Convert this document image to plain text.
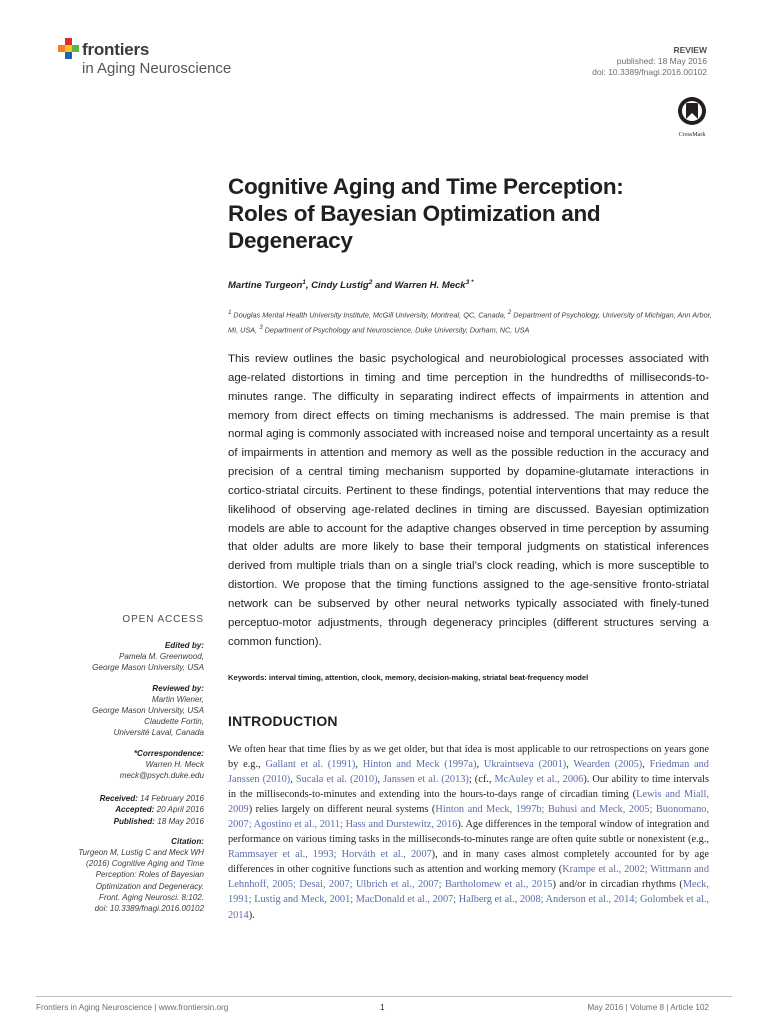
frontiers
in Aging Neuroscience
REVIEW
published: 18 May 2016
doi: 10.3389/fnagi.2016.00102
CrossMark
Cognitive Aging and Time Perception: Roles of Bayesian Optimization and Degeneracy
Martine Turgeon$^1$, Cindy Lustig$^2$ and Warren H. Meck$^{3 *}$
$^1$ Douglas Mental Health University Institute, McGill University, Montreal, QC, Canada, $^2$ Department of Psychology, University of Michigan, Ann Arbor, MI, USA, $^3$ Department of Psychology and Neuroscience, Duke University, Durham, NC, USA
This review outlines the basic psychological and neurobiological processes associated with age-related distortions in timing and time perception in the hundredths of milliseconds-to-minutes range. The difficulty in separating indirect effects of impairments in attention and memory from direct effects on timing mechanisms is addressed. The main premise is that normal aging is commonly associated with increased noise and temporal uncertainty as a result of impairments in attention and memory as well as the possible reduction in the accuracy and precision of a central timing mechanism supported by dopamine-glutamate interactions in cortico-striatal circuits. Pertinent to these findings, potential interventions that may reduce the likelihood of observing age-related declines in timing are discussed. Bayesian optimization models are able to account for the adaptive changes observed in time perception by assuming that older adults are more likely to base their temporal judgments on statistical inferences derived from multiple trials than on a single trial’s clock reading, which is more susceptible to distortion. We propose that the timing functions assigned to the age-sensitive fronto-striatal network can be subserved by other neural networks typically associated with finely-tuned perceptuo-motor adjustments, through degeneracy principles (different structures serving a common function).
Keywords: interval timing, attention, clock, memory, decision-making, striatal beat-frequency model
INTRODUCTION
We often hear that time flies by as we get older, but that idea is most applicable to our retrospections on years gone by e.g., Gallant et al. (1991), Hinton and Meck (1997a), Ukraintseva (2001), Wearden (2005), Friedman and Janssen (2010), Sucala et al. (2010), Janssen et al. (2013); (cf., McAuley et al., 2006). Our ability to time intervals in the milliseconds-to-minutes and extending into the hours-to-days range of circadian timing (Lewis and Miall, 2009) relies largely on different neural systems (Hinton and Meck, 1997b; Buhusi and Meck, 2005; Buonomano, 2007; Agostino et al., 2011; Hass and Durstewitz, 2016). Age differences in the temporal window of integration and performance on various timing tasks in the milliseconds-to-minutes range are often quite subtle or nonexistent (e.g., Rammsayer et al., 1993; Horváth et al., 2007), and in many cases almost completely accounted for by age differences in other cognitive functions such as attention and working memory (Krampe et al., 2002; Wittmann and Lehnhoff, 2005; Desai, 2007; Ulbrich et al., 2007; Bartholomew et al., 2015) and/or in circadian rhythms (Meck, 1991; Lustig and Meck, 2001; MacDonald et al., 2007; Halberg et al., 2008; Anderson et al., 2014; Golombek et al., 2014).
OPEN ACCESS
Edited by:
Pamela M. Greenwood,
George Mason University, USA
Reviewed by:
Martin Wiener,
George Mason University, USA
Claudette Fortin,
Université Laval, Canada
*Correspondence:
Warren H. Meck
meck@psych.duke.edu
Received: 14 February 2016
Accepted: 20 April 2016
Published: 18 May 2016
Citation:
Turgeon M, Lustig C and Meck WH
(2016) Cognitive Aging and Time
Perception: Roles of Bayesian
Optimization and Degeneracy.
Front. Aging Neurosci. 8:102.
doi: 10.3389/fnagi.2016.00102
Frontiers in Aging Neuroscience | www.frontiersin.org	1	May 2016 | Volume 8 | Article 102
